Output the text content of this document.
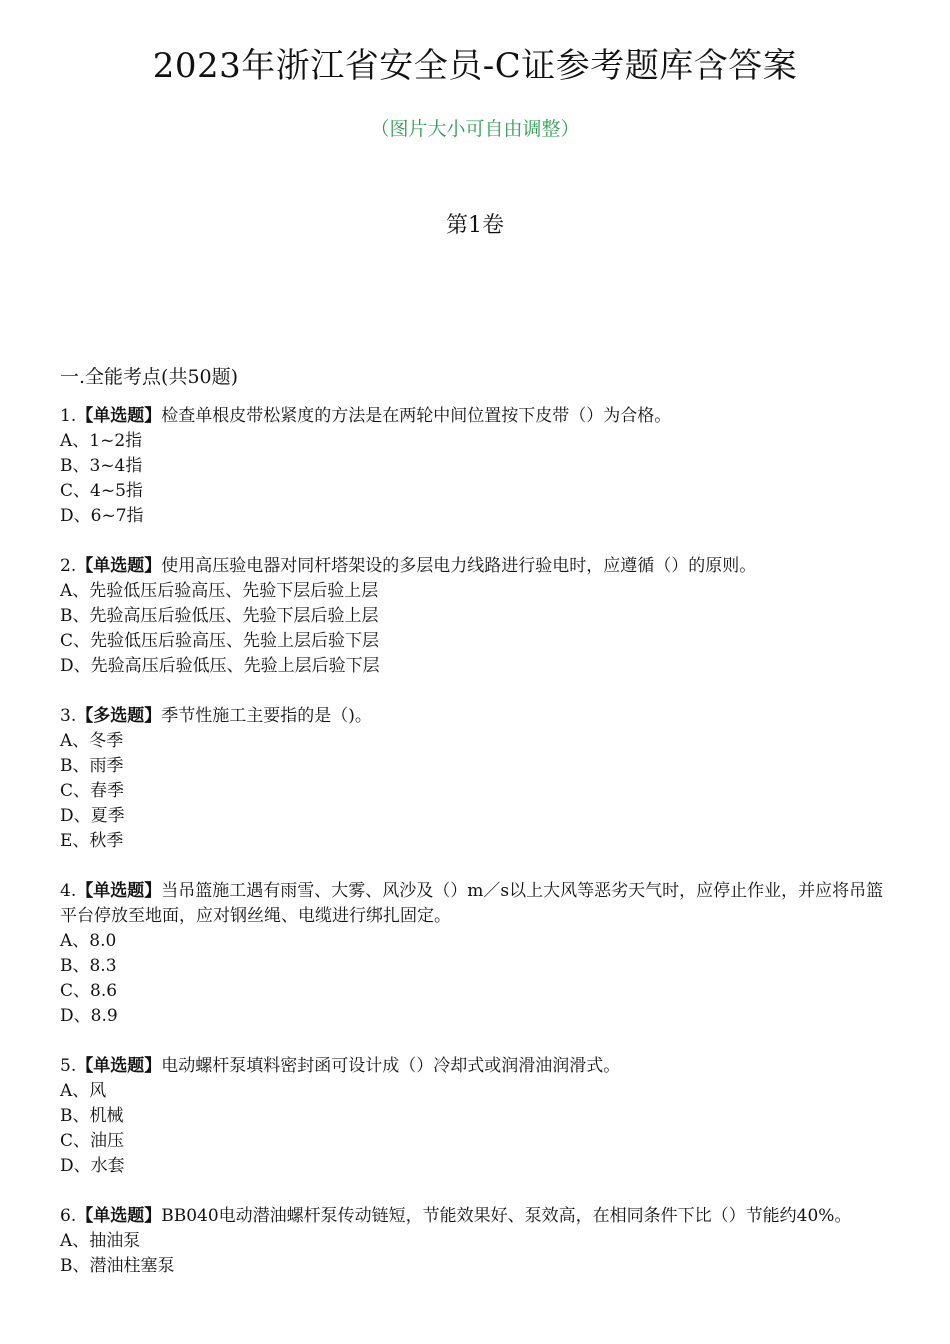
2023年浙江省安全员-C证参考题库含答案
（图片大小可自由调整）
第1卷
一.全能考点(共50题)

1.【单选题】检查单根皮带松紧度的方法是在两轮中间位置按下皮带（）为合格。

A、1~2指

B、3~4指

C、4~5指

D、6~7指

2.【单选题】使用高压验电器对同杆塔架设的多层电力线路进行验电时，应遵循（）的原则。

A、先验低压后验高压、先验下层后验上层

B、先验高压后验低压、先验下层后验上层

C、先验低压后验高压、先验上层后验下层

D、先验高压后验低压、先验上层后验下层

3.【多选题】季节性施工主要指的是（)。

A、冬季

B、雨季

C、春季

D、夏季

E、秋季

4.【单选题】当吊篮施工遇有雨雪、大雾、风沙及（）m／s以上大风等恶劣天气时，应停止作业，并应将吊篮平台停放至地面，应对钢丝绳、电缆进行绑扎固定。

A、8.0

B、8.3

C、8.6

D、8.9

5.【单选题】电动螺杆泵填料密封函可设计成（）冷却式或润滑油润滑式。

A、风

B、机械

C、油压

D、水套

6.【单选题】BB040电动潜油螺杆泵传动链短，节能效果好、泵效高，在相同条件下比（）节能约40%。

A、抽油泵

B、潜油柱塞泵
